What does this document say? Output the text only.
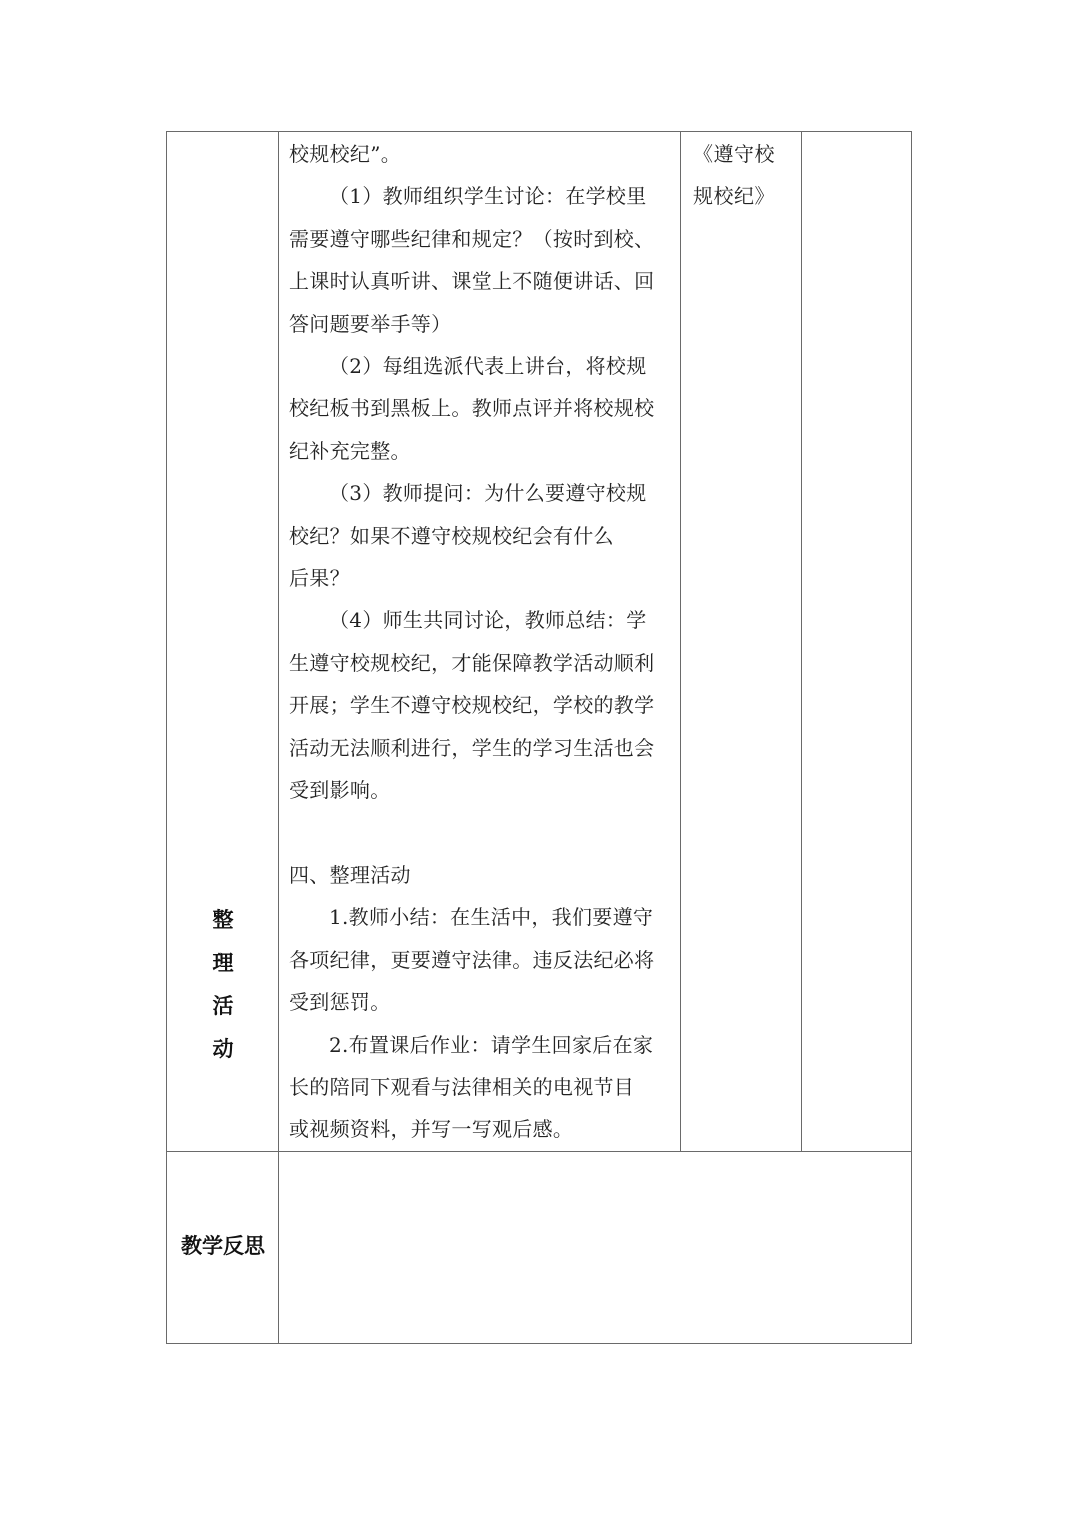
校规校纪”。

（1）教师组织学生讨论：在学校里

需要遵守哪些纪律和规定？（按时到校、

上课时认真听讲、课堂上不随便讲话、回

答问题要举手等）

（2）每组选派代表上讲台，将校规

校纪板书到黑板上。教师点评并将校规校

纪补充完整。

（3）教师提问：为什么要遵守校规

校纪？如果不遵守校规校纪会有什么

后果？

（4）师生共同讨论，教师总结：学

生遵守校规校纪，才能保障教学活动顺利

开展；学生不遵守校规校纪，学校的教学

活动无法顺利进行，学生的学习生活也会

受到影响。

四、整理活动

1.教师小结：在生活中，我们要遵守

各项纪律，更要遵守法律。违反法纪必将

受到惩罚。

2.布置课后作业：请学生回家后在家

长的陪同下观看与法律相关的电视节目

或视频资料，并写一写观后感。

《遵守校

规校纪》

整
理
活
动
教学反思
